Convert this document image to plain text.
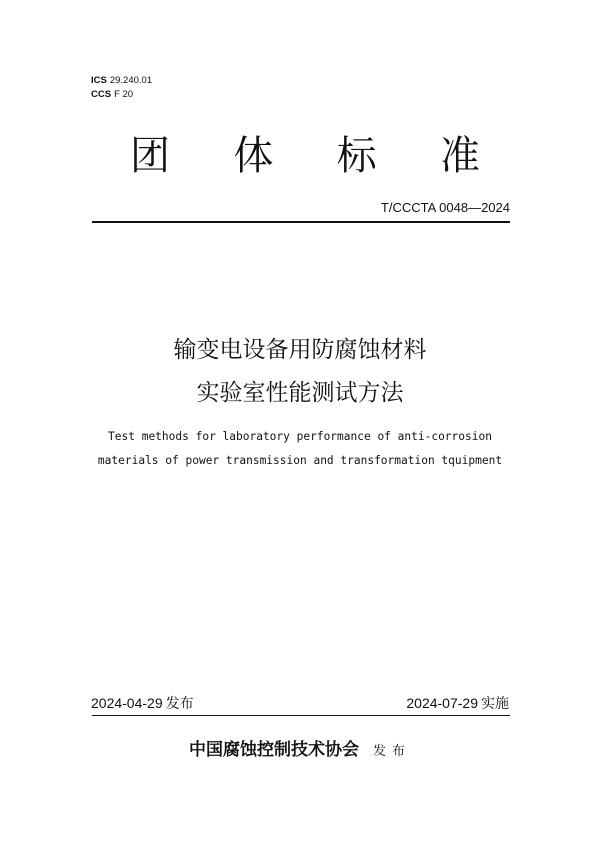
ICS 29.240.01
CCS F 20
团 体 标 准
T/CCCTA 0048—2024
输变电设备用防腐蚀材料
实验室性能测试方法
Test methods for laboratory performance of anti-corrosion
materials of power transmission and transformation tquipment
2024-04-29 发布	2024-07-29 实施
中国腐蚀控制技术协会 发布
